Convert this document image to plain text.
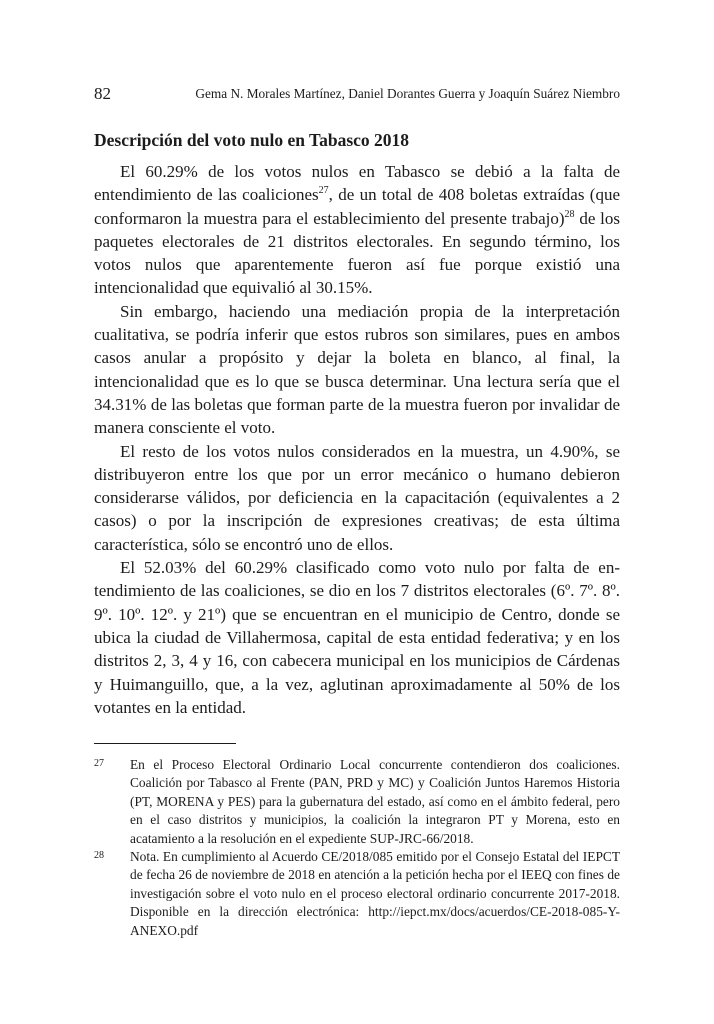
82	Gema N. Morales Martínez, Daniel Dorantes Guerra y Joaquín Suárez Niembro
Descripción del voto nulo en Tabasco 2018

El 60.29% de los votos nulos en Tabasco se debió a la falta de entendimiento de las coaliciones$^{27}$, de un total de 408 boletas extraídas (que conformaron la muestra para el establecimiento del presente trabajo)$^{28}$ de los paquetes electorales de 21 distritos electorales. En segundo término, los votos nulos que aparentemente fueron así fue porque existió una intencionalidad que equivalió al 30.15%.

Sin embargo, haciendo una mediación propia de la interpretación cualitativa, se podría inferir que estos rubros son similares, pues en ambos casos anular a propósito y dejar la boleta en blanco, al final, la intencionalidad que es lo que se busca determinar. Una lectura sería que el 34.31% de las boletas que forman parte de la muestra fueron por invalidar de manera consciente el voto.

El resto de los votos nulos considerados en la muestra, un 4.90%, se distribuyeron entre los que por un error mecánico o humano debieron considerarse válidos, por deficiencia en la capacitación (equivalentes a 2 casos) o por la inscripción de expresiones creativas; de esta última característica, sólo se encontró uno de ellos.

El 52.03% del 60.29% clasificado como voto nulo por falta de entendimiento de las coaliciones, se dio en los 7 distritos electorales (6º. 7º. 8º. 9º. 10º. 12º. y 21º) que se encuentran en el municipio de Centro, donde se ubica la ciudad de Villahermosa, capital de esta entidad federativa; y en los distritos 2, 3, 4 y 16, con cabecera municipal en los municipios de Cárdenas y Huimanguillo, que, a la vez, aglutinan aproximadamente al 50% de los votantes en la entidad.

27 En el Proceso Electoral Ordinario Local concurrente contendieron dos coaliciones. Coalición por Tabasco al Frente (PAN, PRD y MC) y Coalición Juntos Haremos Historia (PT, MORENA y PES) para la gubernatura del estado, así como en el ámbito federal, pero en el caso distritos y municipios, la coalición la integraron PT y Morena, esto en acatamiento a la resolución en el expediente SUP-JRC-66/2018.

28 Nota. En cumplimiento al Acuerdo CE/2018/085 emitido por el Consejo Estatal del IEPCT de fecha 26 de noviembre de 2018 en atención a la petición hecha por el IEEQ con fines de investigación sobre el voto nulo en el proceso electoral ordinario concurrente 2017-2018. Disponible en la dirección electrónica: http://iepct.mx/docs/acuerdos/CE-2018-085-Y-ANEXO.pdf
